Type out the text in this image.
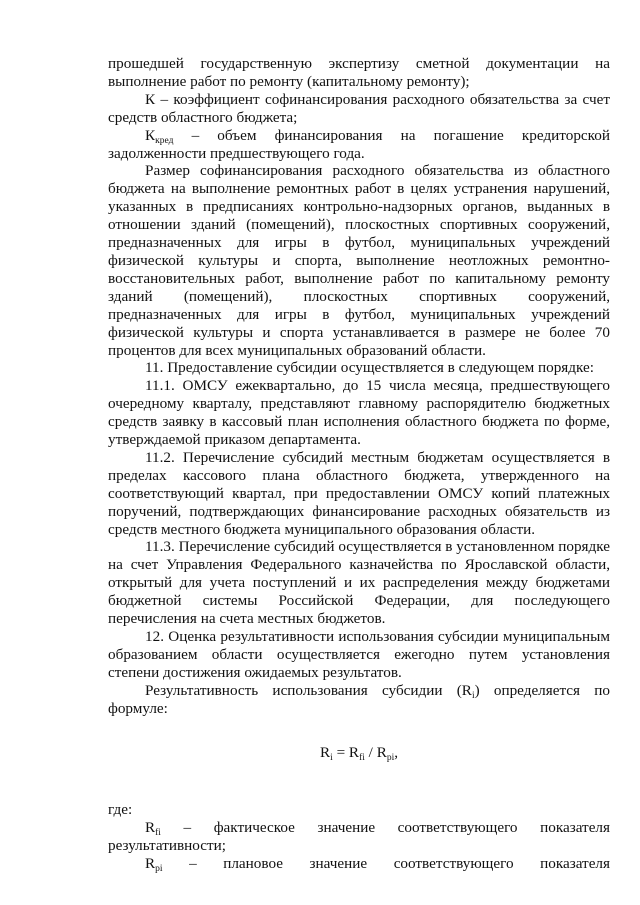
прошедшей государственную экспертизу сметной документации на выполнение работ по ремонту (капитальному ремонту);

К – коэффициент софинансирования расходного обязательства за счет средств областного бюджета;

$К_{кред}$ – объем финансирования на погашение кредиторской задолженности предшествующего года.

Размер софинансирования расходного обязательства из областного бюджета на выполнение ремонтных работ в целях устранения нарушений, указанных в предписаниях контрольно-надзорных органов, выданных в отношении зданий (помещений), плоскостных спортивных сооружений, предназначенных для игры в футбол, муниципальных учреждений физической культуры и спорта, выполнение неотложных ремонтно-восстановительных работ, выполнение работ по капитальному ремонту зданий (помещений), плоскостных спортивных сооружений, предназначенных для игры в футбол, муниципальных учреждений физической культуры и спорта устанавливается в размере не более 70 процентов для всех муниципальных образований области.

11. Предоставление субсидии осуществляется в следующем порядке:

11.1. ОМСУ ежеквартально, до 15 числа месяца, предшествующего очередному кварталу, представляют главному распорядителю бюджетных средств заявку в кассовый план исполнения областного бюджета по форме, утверждаемой приказом департамента.

11.2. Перечисление субсидий местным бюджетам осуществляется в пределах кассового плана областного бюджета, утвержденного на соответствующий квартал, при предоставлении ОМСУ копий платежных поручений, подтверждающих финансирование расходных обязательств из средств местного бюджета муниципального образования области.

11.3. Перечисление субсидий осуществляется в установленном порядке на счет Управления Федерального казначейства по Ярославской области, открытый для учета поступлений и их распределения между бюджетами бюджетной системы Российской Федерации, для последующего перечисления на счета местных бюджетов.

12. Оценка результативности использования субсидии муниципальным образованием области осуществляется ежегодно путем установления степени достижения ожидаемых результатов.

Результативность использования субсидии $(R_i)$ определяется по формуле:

$R_i = R_{fi} / R_{pi}$,

где:

$R_{fi}$ – фактическое значение соответствующего показателя результативности;

$R_{pi}$ – плановое значение соответствующего показателя
